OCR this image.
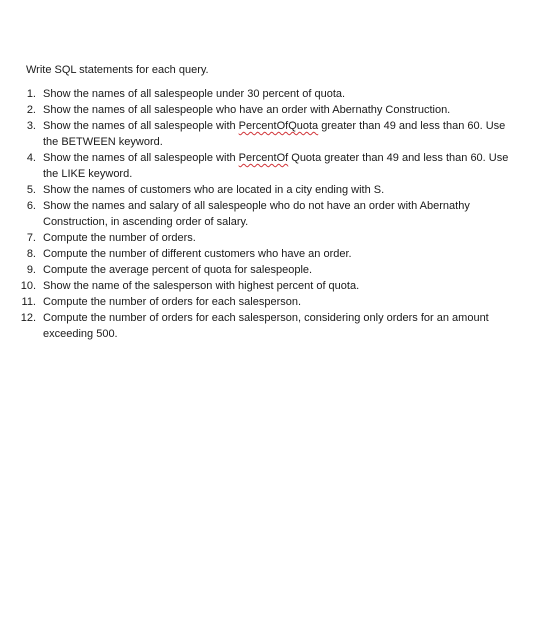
Write SQL statements for each query.
1. Show the names of all salespeople under 30 percent of quota.
2. Show the names of all salespeople who have an order with Abernathy Construction.
3. Show the names of all salespeople with PercentOfQuota greater than 49 and less than 60. Use the BETWEEN keyword.
4. Show the names of all salespeople with PercentOf Quota greater than 49 and less than 60. Use the LIKE keyword.
5. Show the names of customers who are located in a city ending with S.
6. Show the names and salary of all salespeople who do not have an order with Abernathy Construction, in ascending order of salary.
7. Compute the number of orders.
8. Compute the number of different customers who have an order.
9. Compute the average percent of quota for salespeople.
10. Show the name of the salesperson with highest percent of quota.
11. Compute the number of orders for each salesperson.
12. Compute the number of orders for each salesperson, considering only orders for an amount exceeding 500.
